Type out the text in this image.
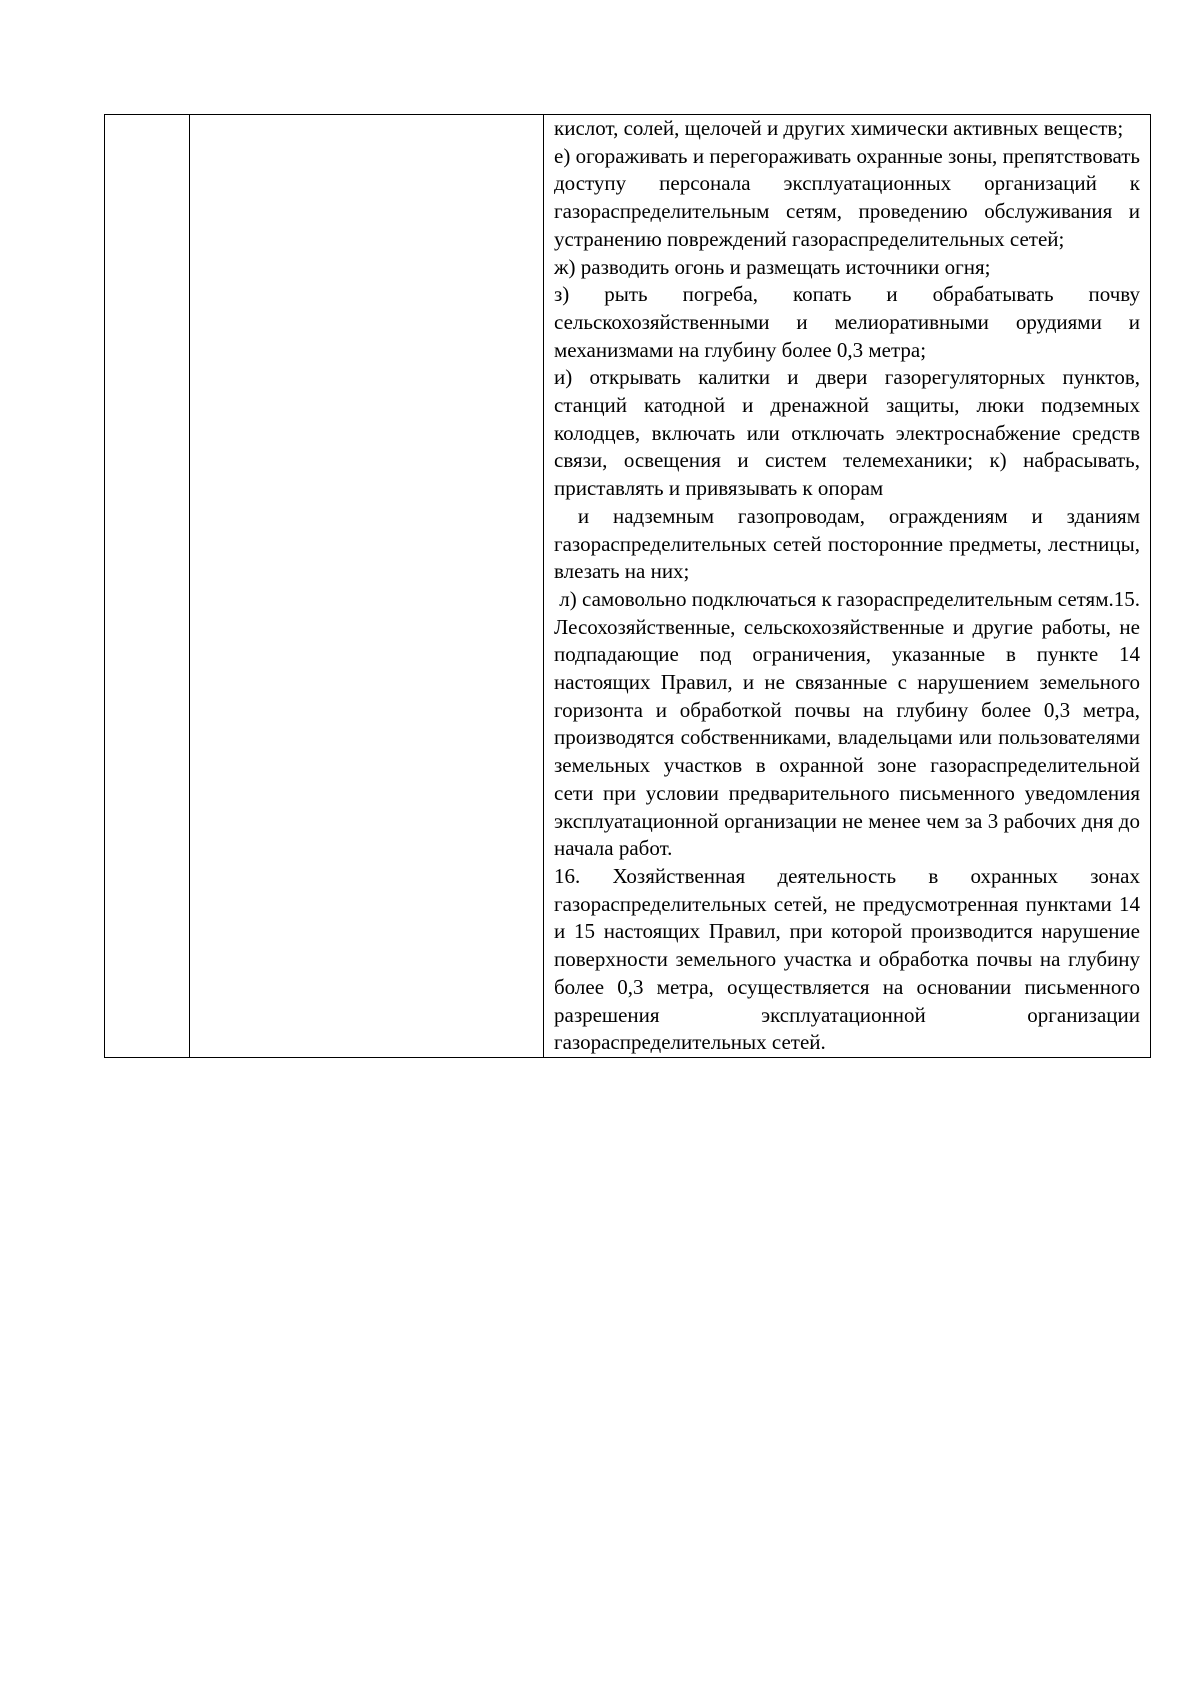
кислот, солей, щелочей и других химически активных веществ;

е) огораживать и перегораживать охранные зоны, препятствовать доступу персонала эксплуатационных организаций к газораспределительным сетям, проведению обслуживания и устранению повреждений газораспределительных сетей;

ж) разводить огонь и размещать источники огня;

з) рыть погреба, копать и обрабатывать почву сельскохозяйственными и мелиоративными орудиями и механизмами на глубину более 0,3 метра;

и) открывать калитки и двери газорегуляторных пунктов, станций катодной и дренажной защиты, люки подземных колодцев, включать или отключать электроснабжение средств связи, освещения и систем телемеханики; к) набрасывать, приставлять и привязывать к опорам

и надземным газопроводам, ограждениям и зданиям газораспределительных сетей посторонние предметы, лестницы, влезать на них;

л) самовольно подключаться к газораспределительным сетям.15. Лесохозяйственные, сельскохозяйственные и другие работы, не подпадающие под ограничения, указанные в пункте 14 настоящих Правил, и не связанные с нарушением земельного горизонта и обработкой почвы на глубину более 0,3 метра, производятся собственниками, владельцами или пользователями земельных участков в охранной зоне газораспределительной сети при условии предварительного письменного уведомления эксплуатационной организации не менее чем за 3 рабочих дня до начала работ.

16. Хозяйственная деятельность в охранных зонах газораспределительных сетей, не предусмотренная пунктами 14 и 15 настоящих Правил, при которой производится нарушение поверхности земельного участка и обработка почвы на глубину более 0,3 метра, осуществляется на основании письменного разрешения эксплуатационной организации газораспределительных сетей.
